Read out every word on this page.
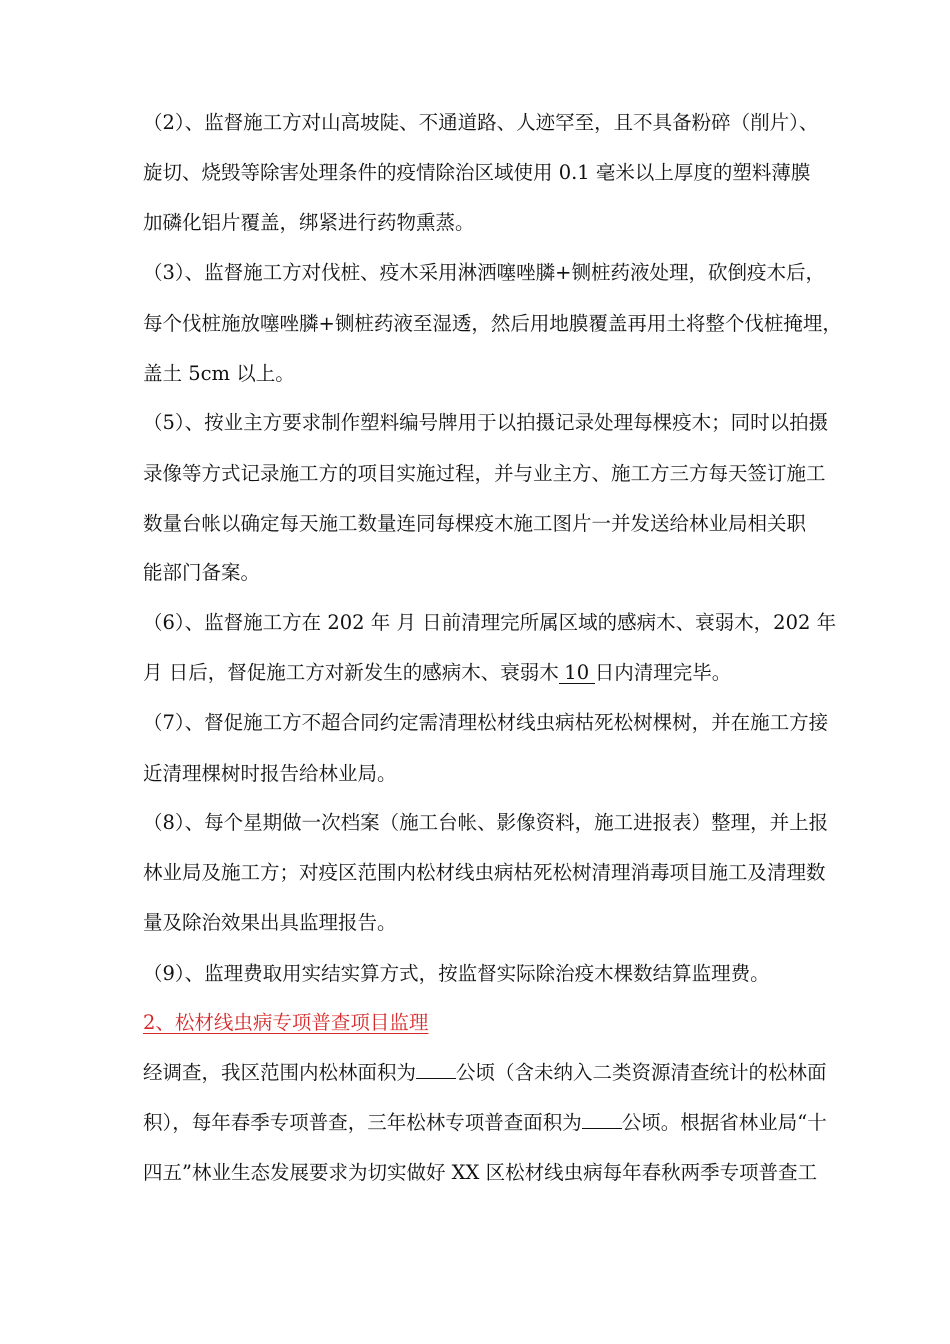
（2）、监督施工方对山高坡陡、不通道路、人迹罕至，且不具备粉碎（削片）、
旋切、烧毁等除害处理条件的疫情除治区域使用 0.1 毫米以上厚度的塑料薄膜
加磷化铝片覆盖，绑紧进行药物熏蒸。
（3）、监督施工方对伐桩、疫木采用淋洒噻唑膦+铡桩药液处理，砍倒疫木后，
每个伐桩施放噻唑膦+铡桩药液至湿透，然后用地膜覆盖再用土将整个伐桩掩埋，
盖土 5cm 以上。
（5）、按业主方要求制作塑料编号牌用于以拍摄记录处理每棵疫木；同时以拍摄
录像等方式记录施工方的项目实施过程，并与业主方、施工方三方每天签订施工
数量台帐以确定每天施工数量连同每棵疫木施工图片一并发送给林业局相关职
能部门备案。
（6）、监督施工方在 202 年 月 日前清理完所属区域的感病木、衰弱木，202 年
月 日后，督促施工方对新发生的感病木、衰弱木 10 日内清理完毕。
（7）、督促施工方不超合同约定需清理松材线虫病枯死松树棵树，并在施工方接
近清理棵树时报告给林业局。
（8）、每个星期做一次档案（施工台帐、影像资料，施工进报表）整理，并上报
林业局及施工方；对疫区范围内松材线虫病枯死松树清理消毒项目施工及清理数
量及除治效果出具监理报告。
（9）、监理费取用实结实算方式，按监督实际除治疫木棵数结算监理费。
2、松材线虫病专项普查项目监理
经调查，我区范围内松林面积为 公顷（含未纳入二类资源清查统计的松林面
积），每年春季专项普查，三年松林专项普查面积为 公顷。根据省林业局“十
四五”林业生态发展要求为切实做好 XX 区松材线虫病每年春秋两季专项普查工
